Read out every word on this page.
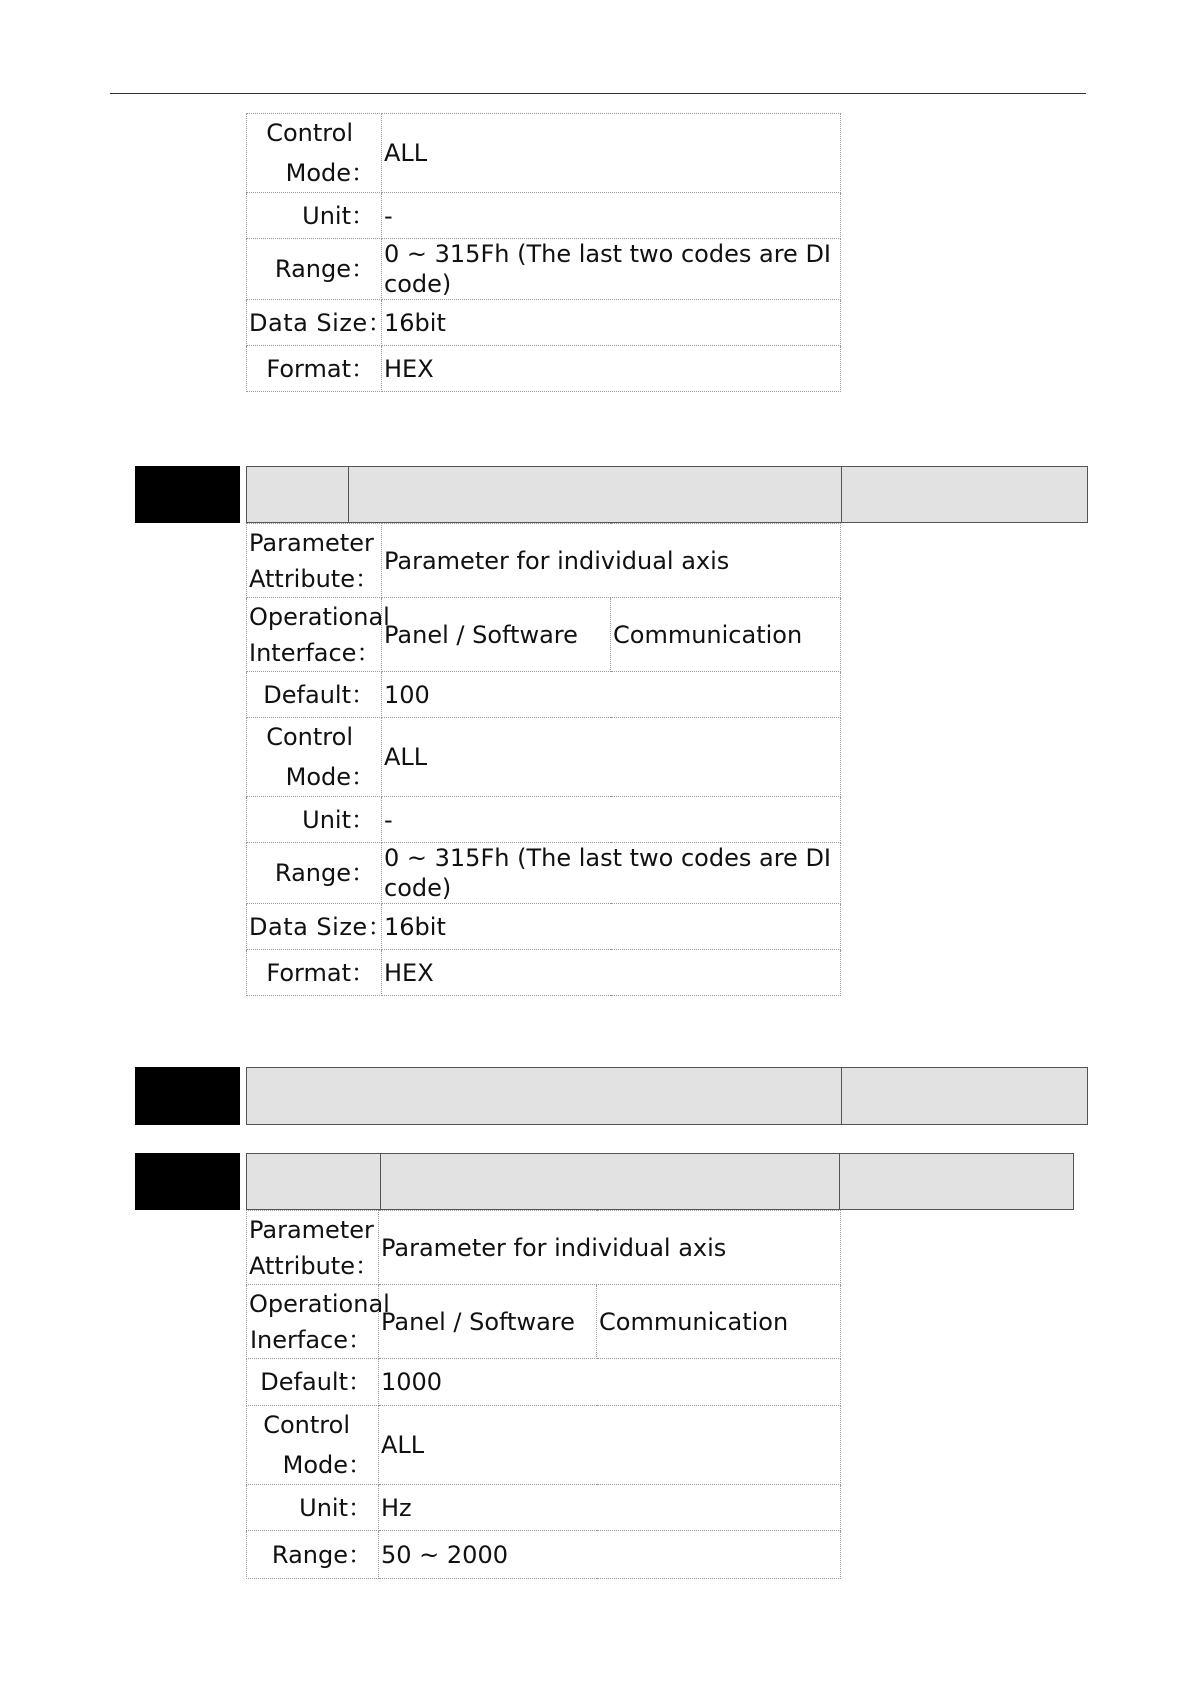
Control
Mode：	ALL
Unit：	-
Range：	0 ~ 315Fh (The last two codes are DI
code)
Data Size：	16bit
Format：	HEX
Parameter
Attribute：	Parameter for individual axis	

Operational
Interface：	Panel / Software	Communication
Default：	100	

Control
Mode：	ALL	
Unit：	-	
Range：	0 ~ 315Fh (The last two codes are DI
code)	
Data Size：	16bit	
Format：	HEX	
Parameter
Attribute：	Parameter for individual axis	

Operational
Inerface：	Panel / Software	Communication
Default：	1000	

Control
Mode：	ALL	
Unit：	Hz	
Range：	50 ~ 2000	
